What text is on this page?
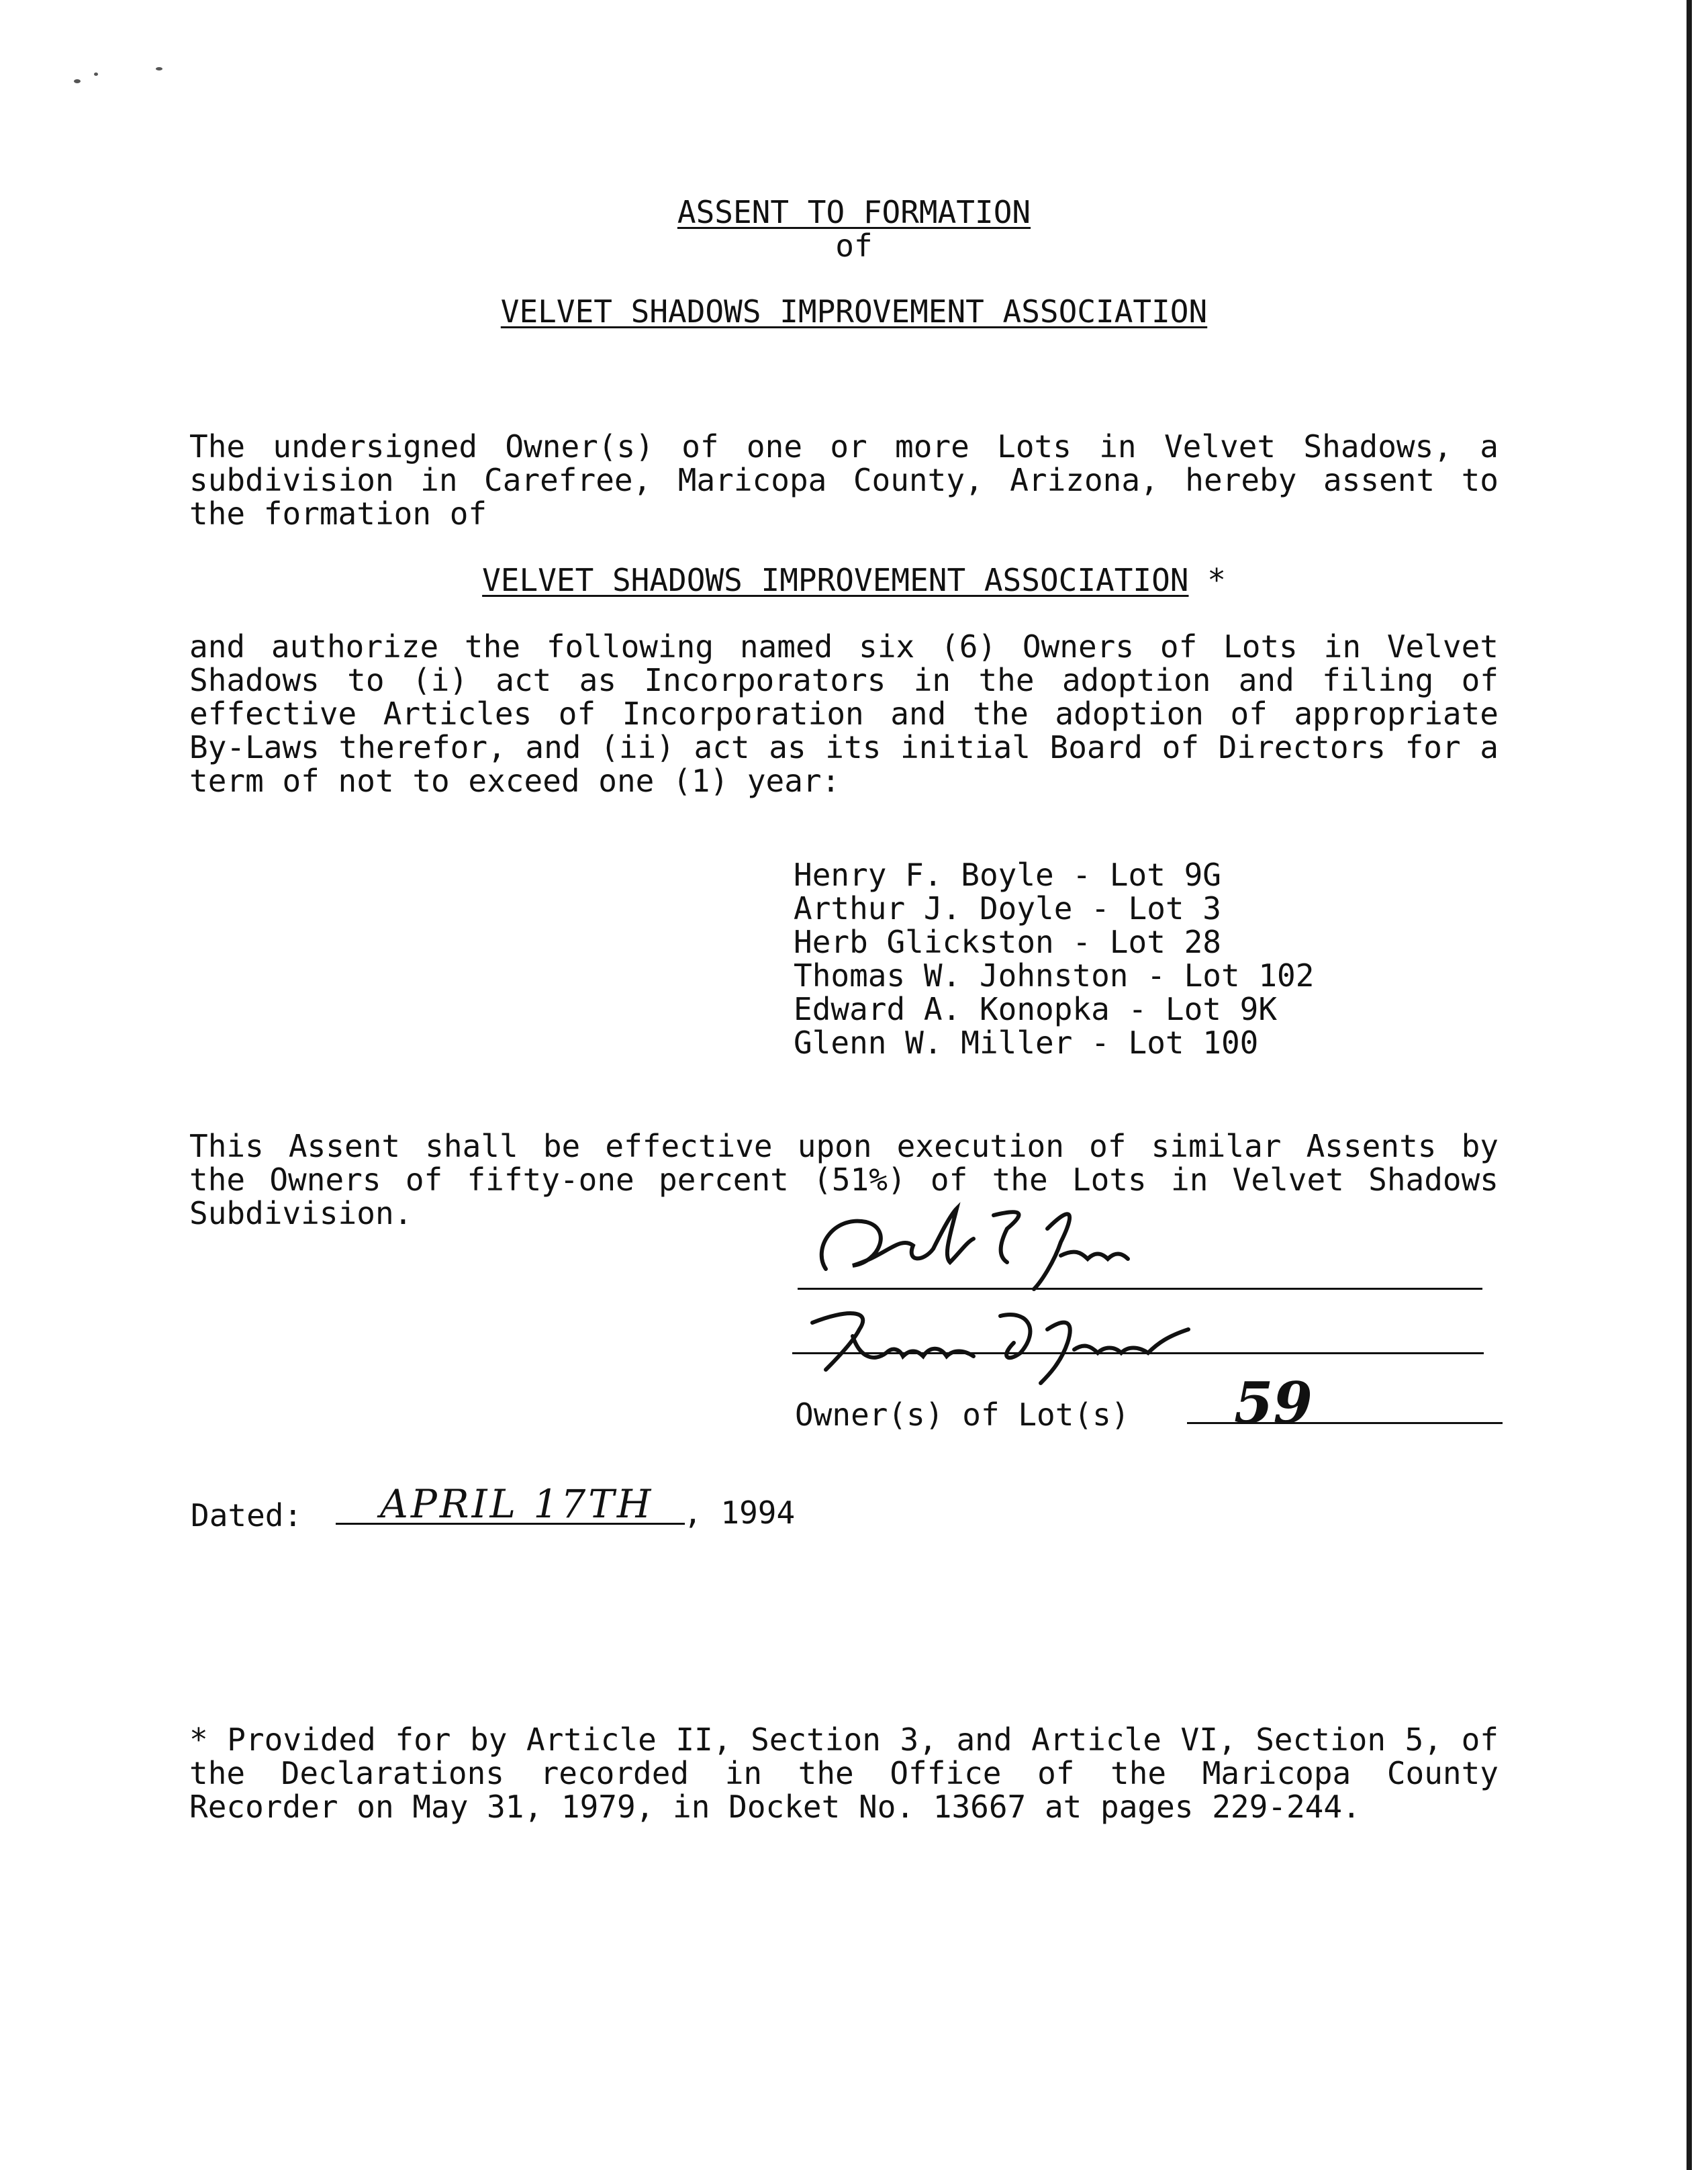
ASSENT TO FORMATION
of
VELVET SHADOWS IMPROVEMENT ASSOCIATION
The undersigned Owner(s) of one or more Lots in Velvet Shadows, a subdivision in Carefree, Maricopa County, Arizona, hereby assent to the formation of
VELVET SHADOWS IMPROVEMENT ASSOCIATION *
and authorize the following named six (6) Owners of Lots in Velvet Shadows to (i) act as Incorporators in the adoption and filing of effective Articles of Incorporation and the adoption of appropriate By-Laws therefor, and (ii) act as its initial Board of Directors for a term of not to exceed one (1) year:
Henry F. Boyle - Lot 9G
Arthur J. Doyle - Lot 3
Herb Glickston - Lot 28
Thomas W. Johnston - Lot 102
Edward A. Konopka - Lot 9K
Glenn W. Miller - Lot 100
This Assent shall be effective upon execution of similar Assents by the Owners of fifty-one percent (51%) of the Lots in Velvet Shadows Subdivision.
Owner(s) of Lot(s) 59
Dated: APRIL 17TH , 1994
* Provided for by Article II, Section 3, and Article VI, Section 5, of the Declarations recorded in the Office of the Maricopa County Recorder on May 31, 1979, in Docket No. 13667 at pages 229-244.
